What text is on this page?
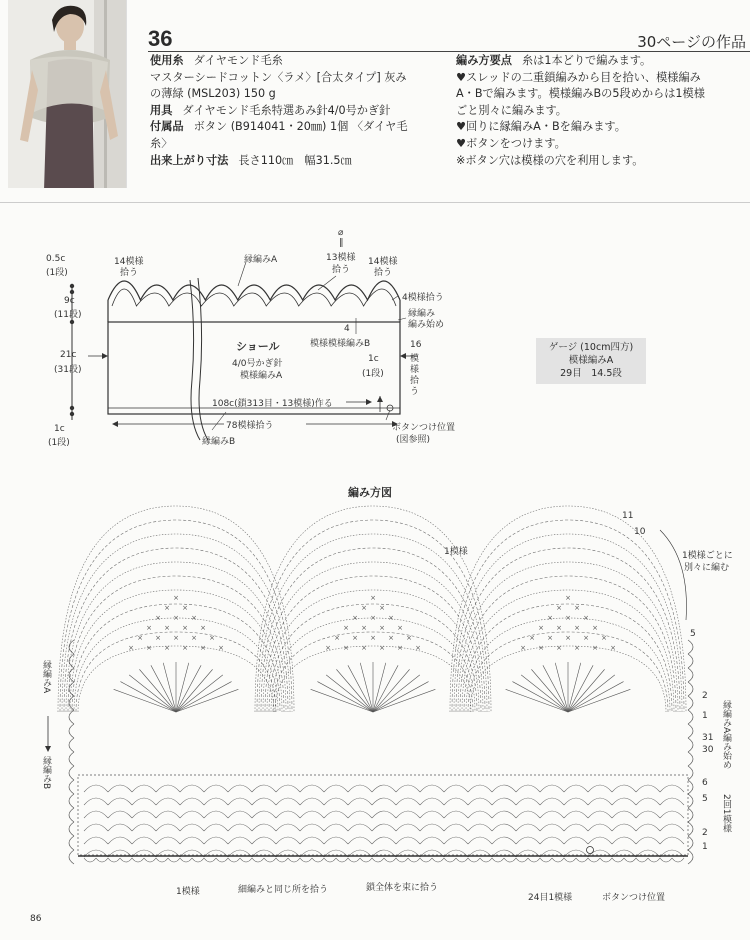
36	30ページの作品
使用糸 ダイヤモンド毛糸
マスターシードコットン〈ラメ〉[合太タイプ] 灰み
の薄緑 (MSL203) 150 g
用具 ダイヤモンド毛糸特選あみ針4/0号かぎ針
付属品 ボタン (B914041・20㎜) 1個 〈ダイヤ毛
糸〉
出来上がり寸法 長さ110㎝　幅31.5㎝
編み方要点 糸は1本どりで編みます。
♥スレッドの二重鎖編みから目を拾い、模様編み
A・Bで編みます。模様編みBの5段めからは1模様
ごと別々に編みます。
♥回りに縁編みA・Bを編みます。
♥ボタンをつけます。
※ボタン穴は模様の穴を利用します。
0.5c
(1段)
9c
(11段)
21c
(31段)
1c
(1段)
14模様
拾う
縁編みA
⌀
‖
13模様
拾う
14模様
拾う
4模様拾う
縁編み
編み始め
4
模様模様編みB
ショール
4/0号かぎ針
模様編みA
1c
(1段)
16
模
様
拾
う
108c(鎖313目・13模様)作る
78模様拾う
縁編みB
ボタンつけ位置
(図参照)
ゲージ (10cm四方)
模様編みA
29目　14.5段
編み方図
×
× ×
× × ×
× × × ×
× × × × ×
× × × × × ×
×
× ×
× × ×
× × × ×
× × × × ×
× × × × × ×
×
× ×
× × ×
× × × ×
× × × × ×
× × × × × ×
1模様
11
10
1模様ごとに
別々に編む
5
2
1
31
30
6
5
2
1
縁編みA
縁編みB
縁編みA編み始め
2回1模様
1模様	細編みと同じ所を拾う	鎖全体を束に拾う
24目1模様	ボタンつけ位置
86
